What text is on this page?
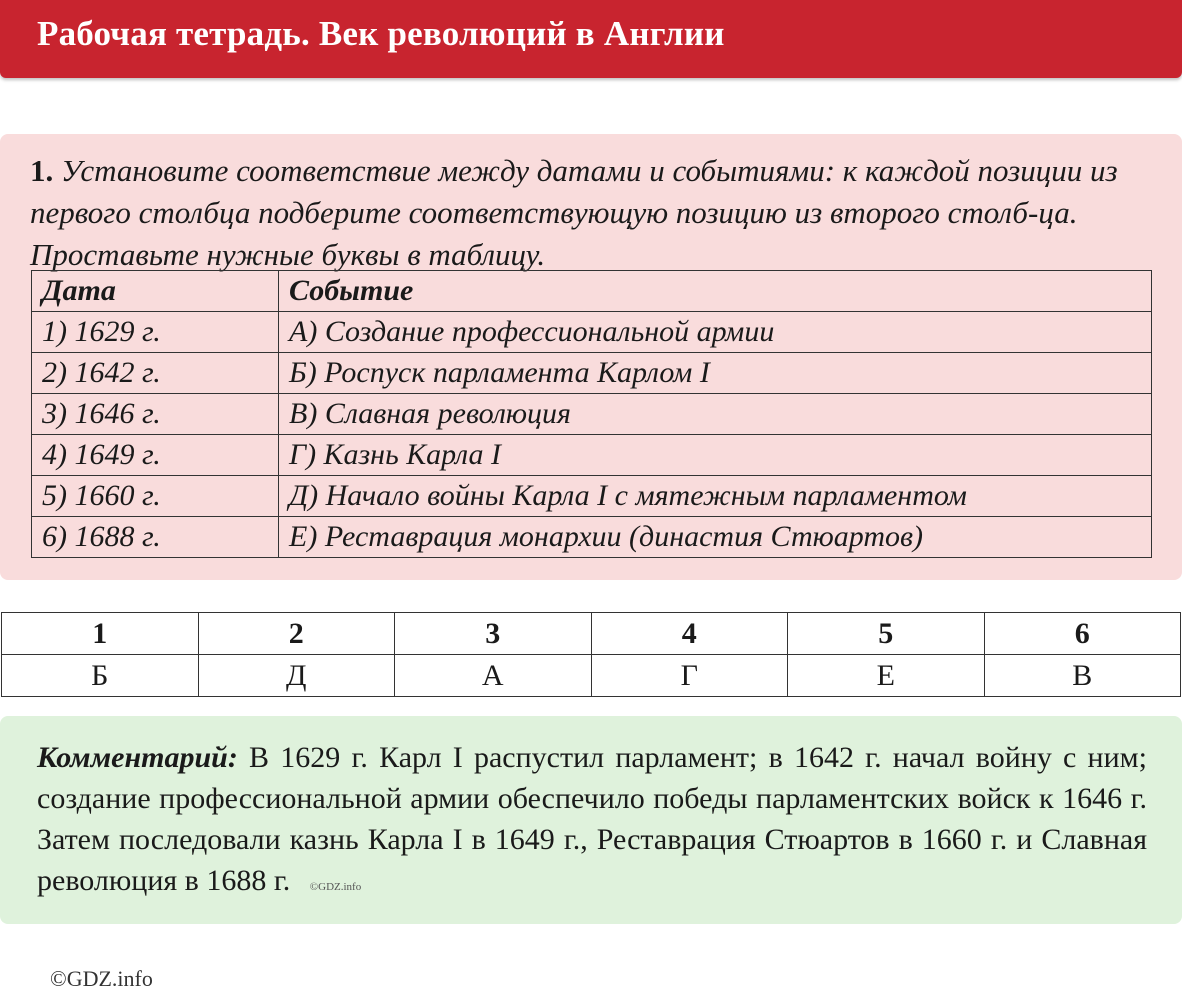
Рабочая тетрадь. Век революций в Англии
1. Установите соответствие между датами и событиями: к каждой позиции из первого столбца подберите соответствующую позицию из второго столб-ца. Проставьте нужные буквы в таблицу.
Дата	Событие
1) 1629 г.	А) Создание профессиональной армии
2) 1642 г.	Б) Роспуск парламента Карлом I
3) 1646 г.	В) Славная революция
4) 1649 г.	Г) Казнь Карла I
5) 1660 г.	Д) Начало войны Карла I с мятежным парламентом
6) 1688 г.	Е) Реставрация монархии (династия Стюартов)
1	2	3	4	5	6
Б	Д	А	Г	Е	В
Комментарий: В 1629 г. Карл I распустил парламент; в 1642 г. начал войну с ним; создание профессиональной армии обеспечило победы парламентских войск к 1646 г. Затем последовали казнь Карла I в 1649 г., Реставрация Стюартов в 1660 г. и Славная революция в 1688 г. ©GDZ.info
©GDZ.info
